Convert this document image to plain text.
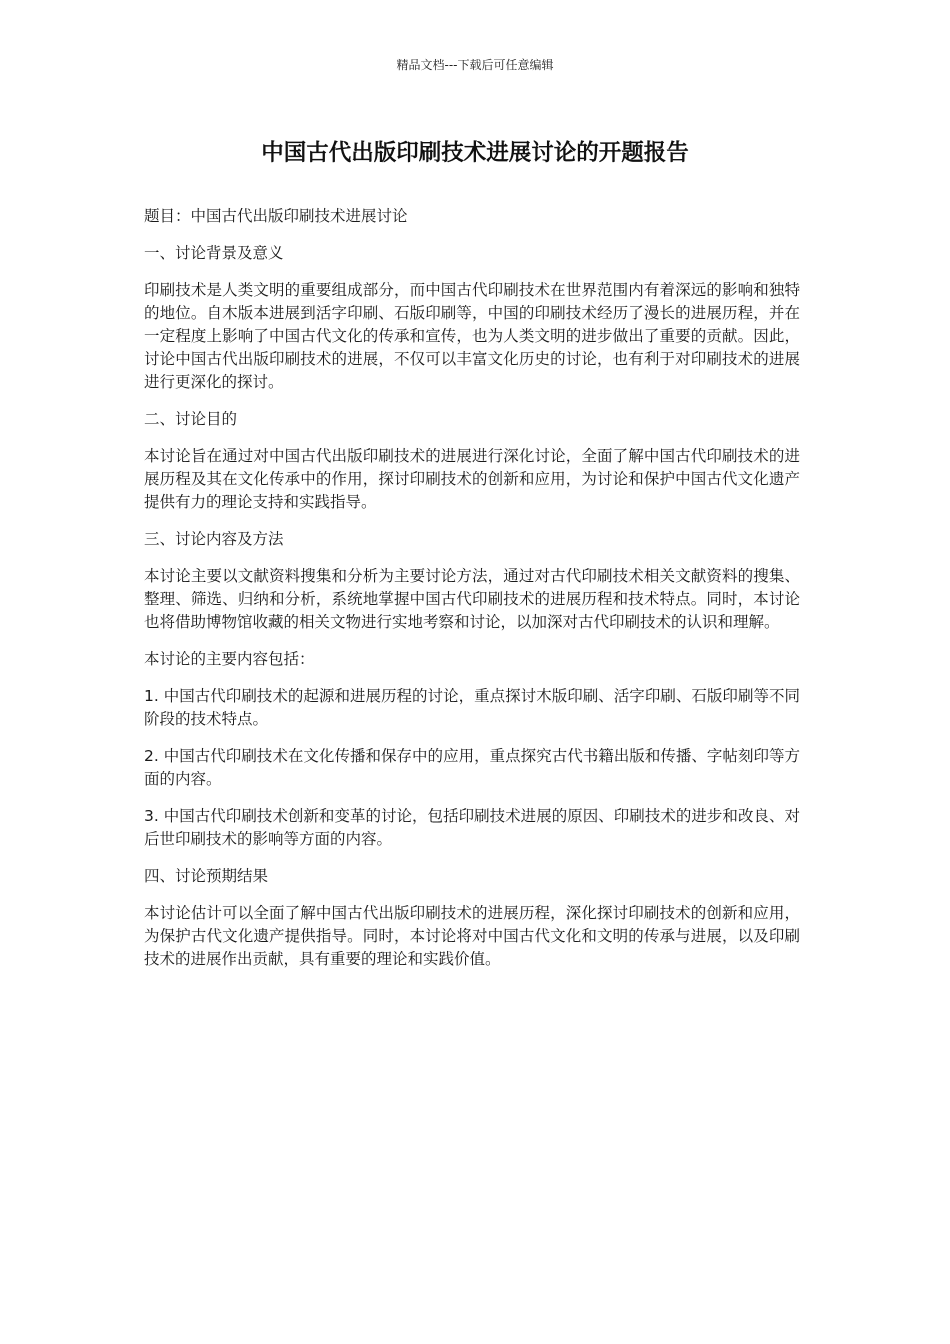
精品文档---下载后可任意编辑
中国古代出版印刷技术进展讨论的开题报告

题目：中国古代出版印刷技术进展讨论

一、讨论背景及意义

印刷技术是人类文明的重要组成部分，而中国古代印刷技术在世界范围内有着深远的影响和独特的地位。自木版本进展到活字印刷、石版印刷等，中国的印刷技术经历了漫长的进展历程，并在一定程度上影响了中国古代文化的传承和宣传，也为人类文明的进步做出了重要的贡献。因此，讨论中国古代出版印刷技术的进展，不仅可以丰富文化历史的讨论，也有利于对印刷技术的进展进行更深化的探讨。

二、讨论目的

本讨论旨在通过对中国古代出版印刷技术的进展进行深化讨论，全面了解中国古代印刷技术的进展历程及其在文化传承中的作用，探讨印刷技术的创新和应用，为讨论和保护中国古代文化遗产提供有力的理论支持和实践指导。

三、讨论内容及方法

本讨论主要以文献资料搜集和分析为主要讨论方法，通过对古代印刷技术相关文献资料的搜集、整理、筛选、归纳和分析，系统地掌握中国古代印刷技术的进展历程和技术特点。同时，本讨论也将借助博物馆收藏的相关文物进行实地考察和讨论，以加深对古代印刷技术的认识和理解。

本讨论的主要内容包括：

1. 中国古代印刷技术的起源和进展历程的讨论，重点探讨木版印刷、活字印刷、石版印刷等不同阶段的技术特点。

2. 中国古代印刷技术在文化传播和保存中的应用，重点探究古代书籍出版和传播、字帖刻印等方面的内容。

3. 中国古代印刷技术创新和变革的讨论，包括印刷技术进展的原因、印刷技术的进步和改良、对后世印刷技术的影响等方面的内容。

四、讨论预期结果

本讨论估计可以全面了解中国古代出版印刷技术的进展历程，深化探讨印刷技术的创新和应用，为保护古代文化遗产提供指导。同时，本讨论将对中国古代文化和文明的传承与进展，以及印刷技术的进展作出贡献，具有重要的理论和实践价值。
